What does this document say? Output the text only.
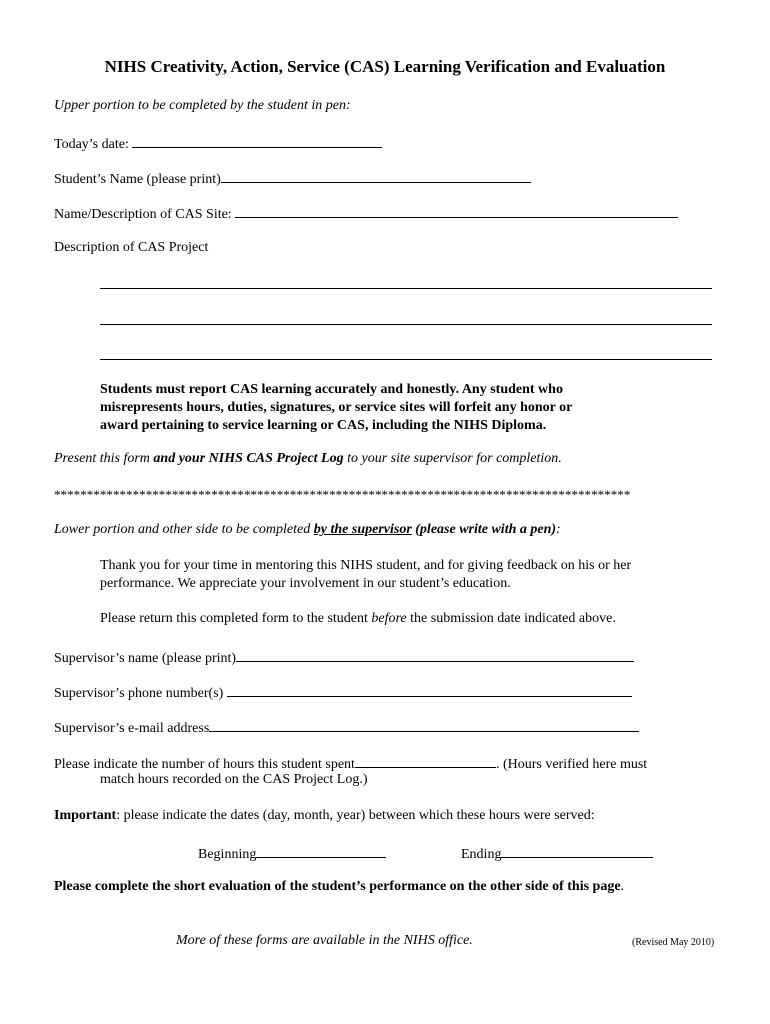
NIHS Creativity, Action, Service (CAS) Learning Verification and Evaluation
Upper portion to be completed by the student in pen:
Today’s date:
Student’s Name (please print)
Name/Description of CAS Site:
Description of CAS Project
Students must report CAS learning accurately and honestly. Any student who
misrepresents hours, duties, signatures, or service sites will forfeit any honor or
award pertaining to service learning or CAS, including the NIHS Diploma.
Present this form and your NIHS CAS Project Log to your site supervisor for completion.
****************************************************************************************
Lower portion and other side to be completed by the supervisor (please write with a pen):
Thank you for your time in mentoring this NIHS student, and for giving feedback on his or her
performance. We appreciate your involvement in our student’s education.
Please return this completed form to the student before the submission date indicated above.
Supervisor’s name (please print)
Supervisor’s phone number(s)
Supervisor’s e-mail address
Please indicate the number of hours this student spent	. (Hours verified here must
match hours recorded on the CAS Project Log.)
Important: please indicate the dates (day, month, year) between which these hours were served:
Beginning	Ending
Please complete the short evaluation of the student’s performance on the other side of this page.
More of these forms are available in the NIHS office.	(Revised May 2010)
